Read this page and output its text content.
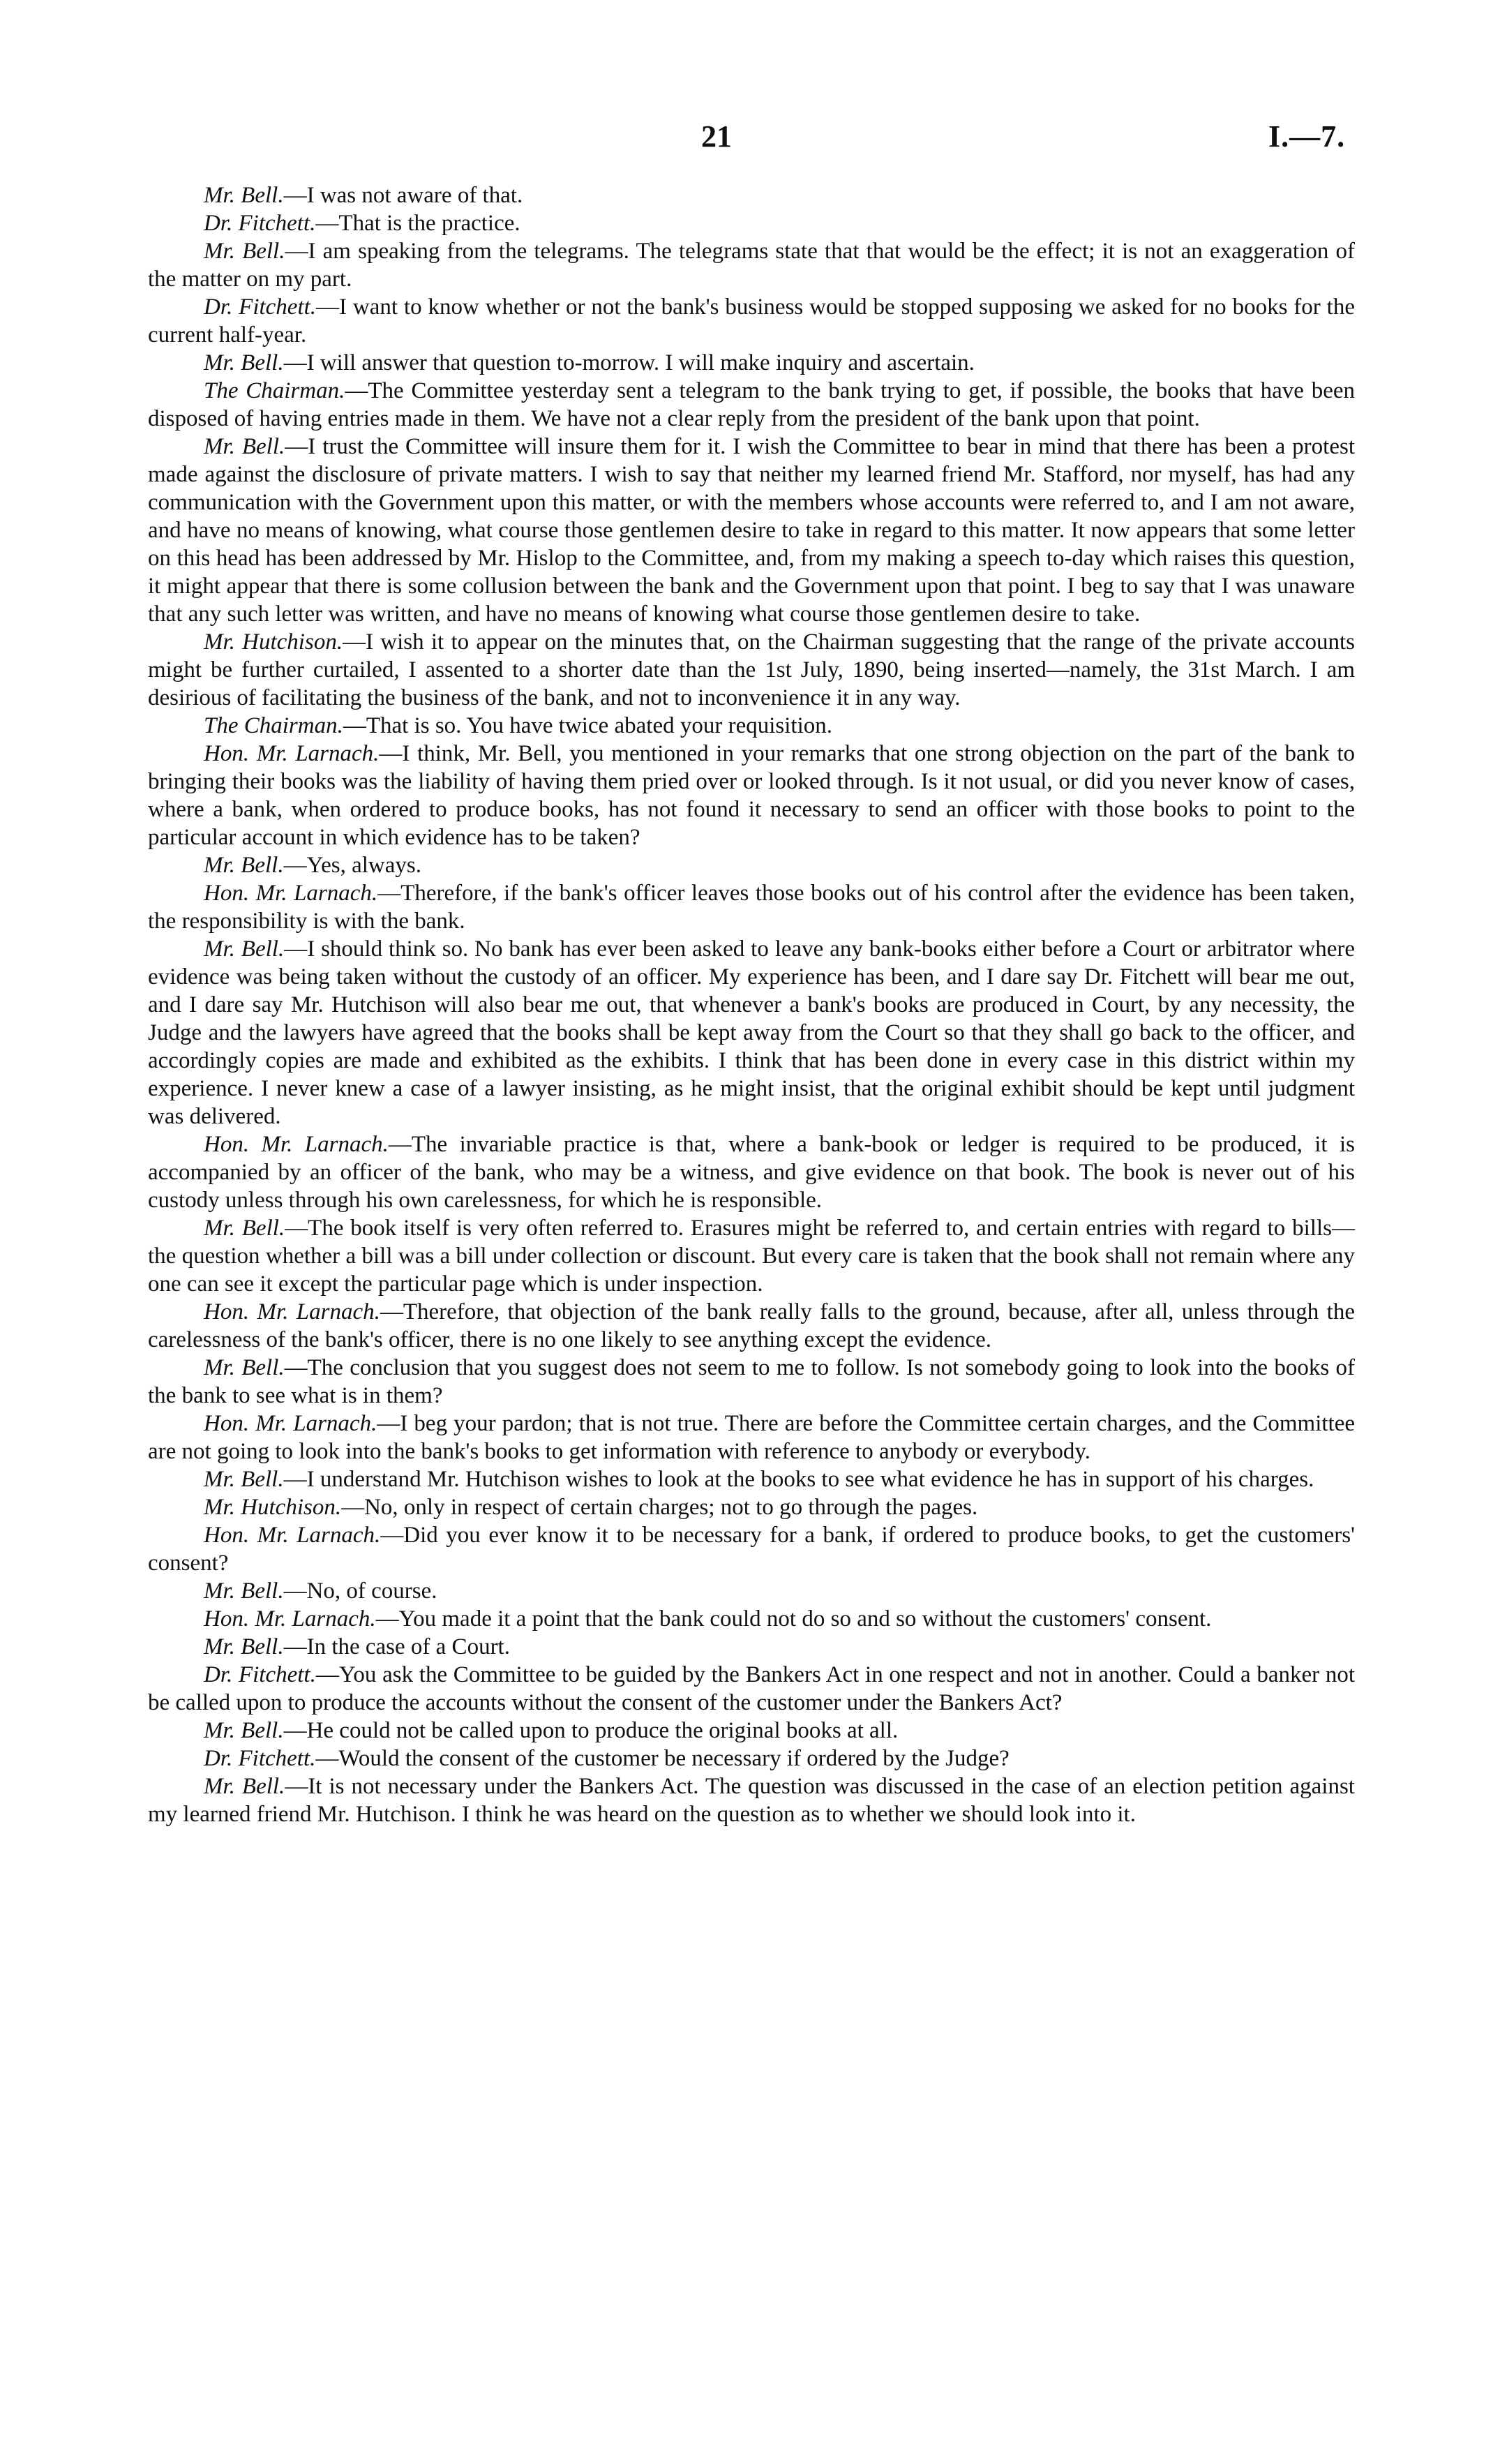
21	I.—7.

Mr. Bell.—I was not aware of that.

Dr. Fitchett.—That is the practice.

Mr. Bell.—I am speaking from the telegrams. The telegrams state that that would be the effect; it is not an exaggeration of the matter on my part.

Dr. Fitchett.—I want to know whether or not the bank's business would be stopped supposing we asked for no books for the current half-year.

Mr. Bell.—I will answer that question to-morrow. I will make inquiry and ascertain.

The Chairman.—The Committee yesterday sent a telegram to the bank trying to get, if possible, the books that have been disposed of having entries made in them. We have not a clear reply from the president of the bank upon that point.

Mr. Bell.—I trust the Committee will insure them for it. I wish the Committee to bear in mind that there has been a protest made against the disclosure of private matters. I wish to say that neither my learned friend Mr. Stafford, nor myself, has had any communication with the Government upon this matter, or with the members whose accounts were referred to, and I am not aware, and have no means of knowing, what course those gentlemen desire to take in regard to this matter. It now appears that some letter on this head has been addressed by Mr. Hislop to the Committee, and, from my making a speech to-day which raises this question, it might appear that there is some collusion between the bank and the Government upon that point. I beg to say that I was unaware that any such letter was written, and have no means of knowing what course those gentlemen desire to take.

Mr. Hutchison.—I wish it to appear on the minutes that, on the Chairman suggesting that the range of the private accounts might be further curtailed, I assented to a shorter date than the 1st July, 1890, being inserted—namely, the 31st March. I am desirious of facilitating the business of the bank, and not to inconvenience it in any way.

The Chairman.—That is so. You have twice abated your requisition.

Hon. Mr. Larnach.—I think, Mr. Bell, you mentioned in your remarks that one strong objection on the part of the bank to bringing their books was the liability of having them pried over or looked through. Is it not usual, or did you never know of cases, where a bank, when ordered to produce books, has not found it necessary to send an officer with those books to point to the particular account in which evidence has to be taken?

Mr. Bell.—Yes, always.

Hon. Mr. Larnach.—Therefore, if the bank's officer leaves those books out of his control after the evidence has been taken, the responsibility is with the bank.

Mr. Bell.—I should think so. No bank has ever been asked to leave any bank-books either before a Court or arbitrator where evidence was being taken without the custody of an officer. My experience has been, and I dare say Dr. Fitchett will bear me out, and I dare say Mr. Hutchison will also bear me out, that whenever a bank's books are produced in Court, by any necessity, the Judge and the lawyers have agreed that the books shall be kept away from the Court so that they shall go back to the officer, and accordingly copies are made and exhibited as the exhibits. I think that has been done in every case in this district within my experience. I never knew a case of a lawyer insisting, as he might insist, that the original exhibit should be kept until judgment was delivered.

Hon. Mr. Larnach.—The invariable practice is that, where a bank-book or ledger is required to be produced, it is accompanied by an officer of the bank, who may be a witness, and give evidence on that book. The book is never out of his custody unless through his own carelessness, for which he is responsible.

Mr. Bell.—The book itself is very often referred to. Erasures might be referred to, and certain entries with regard to bills—the question whether a bill was a bill under collection or discount. But every care is taken that the book shall not remain where any one can see it except the particular page which is under inspection.

Hon. Mr. Larnach.—Therefore, that objection of the bank really falls to the ground, because, after all, unless through the carelessness of the bank's officer, there is no one likely to see anything except the evidence.

Mr. Bell.—The conclusion that you suggest does not seem to me to follow. Is not somebody going to look into the books of the bank to see what is in them?

Hon. Mr. Larnach.—I beg your pardon; that is not true. There are before the Committee certain charges, and the Committee are not going to look into the bank's books to get information with reference to anybody or everybody.

Mr. Bell.—I understand Mr. Hutchison wishes to look at the books to see what evidence he has in support of his charges.

Mr. Hutchison.—No, only in respect of certain charges; not to go through the pages.

Hon. Mr. Larnach.—Did you ever know it to be necessary for a bank, if ordered to produce books, to get the customers' consent?

Mr. Bell.—No, of course.

Hon. Mr. Larnach.—You made it a point that the bank could not do so and so without the customers' consent.

Mr. Bell.—In the case of a Court.

Dr. Fitchett.—You ask the Committee to be guided by the Bankers Act in one respect and not in another. Could a banker not be called upon to produce the accounts without the consent of the customer under the Bankers Act?

Mr. Bell.—He could not be called upon to produce the original books at all.

Dr. Fitchett.—Would the consent of the customer be necessary if ordered by the Judge?

Mr. Bell.—It is not necessary under the Bankers Act. The question was discussed in the case of an election petition against my learned friend Mr. Hutchison. I think he was heard on the question as to whether we should look into it.
